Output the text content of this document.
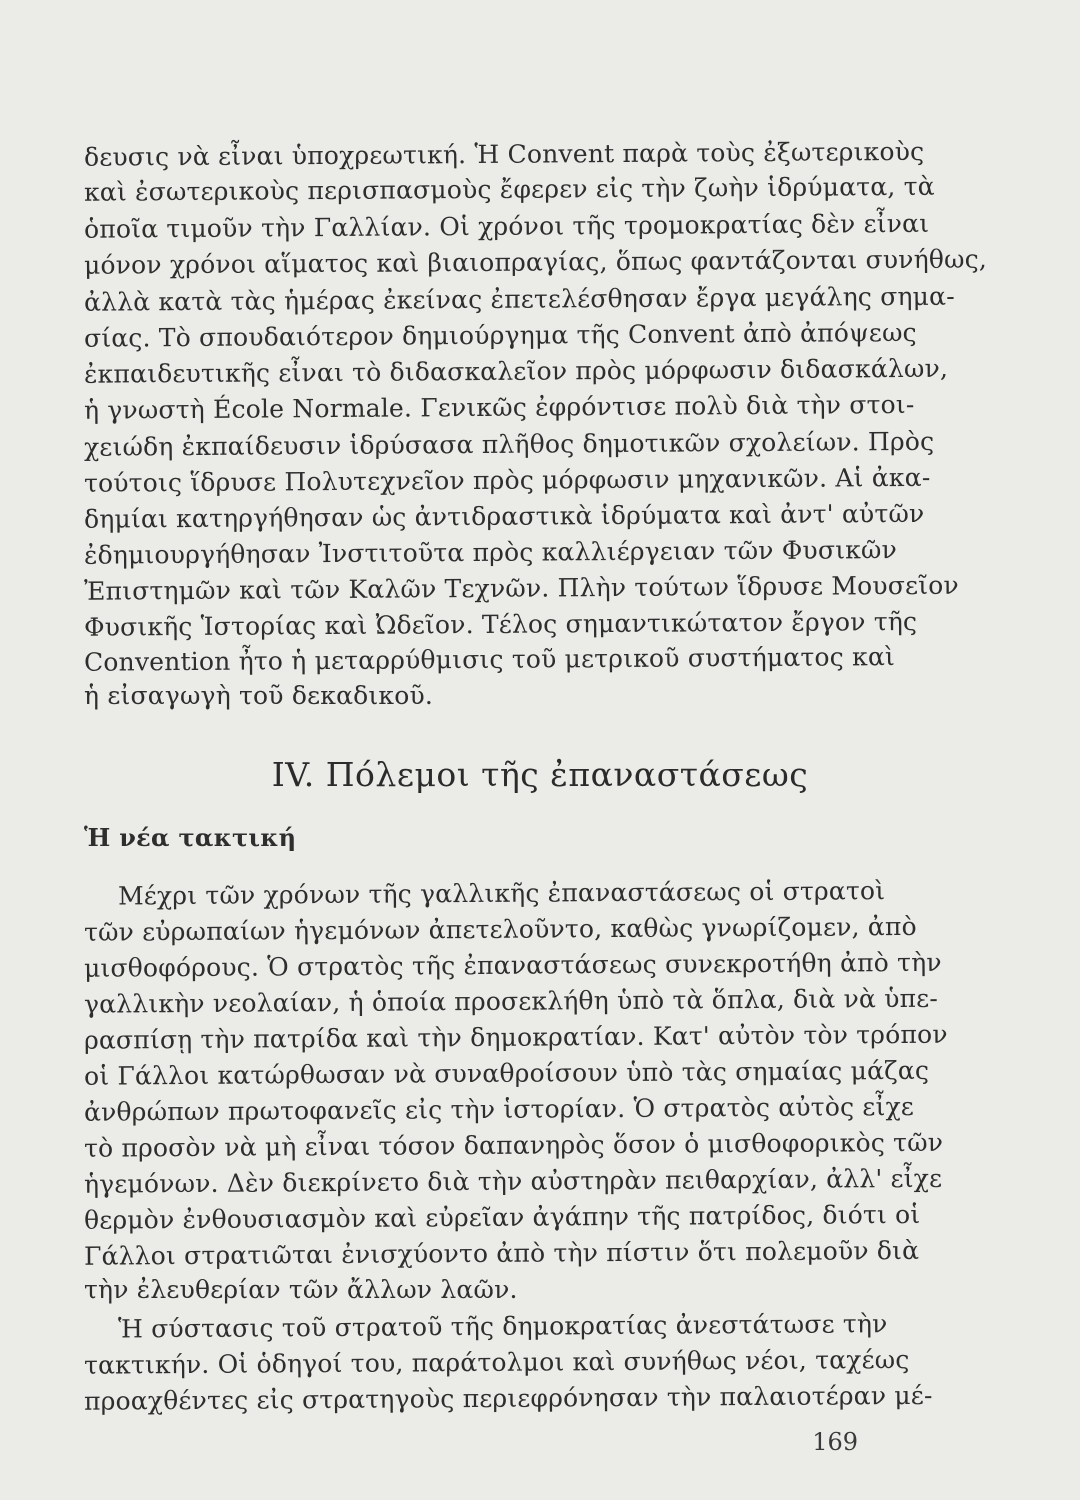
δευσις νὰ εἶναι ὑποχρεωτική. Ἡ Convent παρὰ τοὺς ἐξωτερικοὺς
καὶ ἐσωτερικοὺς περισπασμοὺς ἔφερεν εἰς τὴν ζωὴν ἱδρύματα, τὰ
ὁποῖα τιμοῦν τὴν Γαλλίαν. Οἱ χρόνοι τῆς τρομοκρατίας δὲν εἶναι
μόνον χρόνοι αἵματος καὶ βιαιοπραγίας, ὅπως φαντάζονται συνήθως,
ἀλλὰ κατὰ τὰς ἡμέρας ἐκείνας ἐπετελέσθησαν ἔργα μεγάλης σημα-
σίας. Τὸ σπουδαιότερον δημιούργημα τῆς Convent ἀπὸ ἀπόψεως
ἐκπαιδευτικῆς εἶναι τὸ διδασκαλεῖον πρὸς μόρφωσιν διδασκάλων,
ἡ γνωστὴ École Normale. Γενικῶς ἐφρόντισε πολὺ διὰ τὴν στοι-
χειώδη ἐκπαίδευσιν ἱδρύσασα πλῆθος δημοτικῶν σχολείων. Πρὸς
τούτοις ἵδρυσε Πολυτεχνεῖον πρὸς μόρφωσιν μηχανικῶν. Αἱ ἀκα-
δημίαι κατηργήθησαν ὡς ἀντιδραστικὰ ἱδρύματα καὶ ἀντ' αὐτῶν
ἐδημιουργήθησαν Ἰνστιτοῦτα πρὸς καλλιέργειαν τῶν Φυσικῶν
Ἐπιστημῶν καὶ τῶν Καλῶν Τεχνῶν. Πλὴν τούτων ἵδρυσε Μουσεῖον
Φυσικῆς Ἱστορίας καὶ Ὠδεῖον. Τέλος σημαντικώτατον ἔργον τῆς
Convention ἦτο ἡ μεταρρύθμισις τοῦ μετρικοῦ συστήματος καὶ
ἡ εἰσαγωγὴ τοῦ δεκαδικοῦ.
IV. Πόλεμοι τῆς ἐπαναστάσεως
Ἡ νέα τακτική
Μέχρι τῶν χρόνων τῆς γαλλικῆς ἐπαναστάσεως οἱ στρατοὶ
τῶν εὐρωπαίων ἡγεμόνων ἀπετελοῦντο, καθὼς γνωρίζομεν, ἀπὸ
μισθοφόρους. Ὁ στρατὸς τῆς ἐπαναστάσεως συνεκροτήθη ἀπὸ τὴν
γαλλικὴν νεολαίαν, ἡ ὁποία προσεκλήθη ὑπὸ τὰ ὅπλα, διὰ νὰ ὑπε-
ρασπίσῃ τὴν πατρίδα καὶ τὴν δημοκρατίαν. Κατ' αὐτὸν τὸν τρόπον
οἱ Γάλλοι κατώρθωσαν νὰ συναθροίσουν ὑπὸ τὰς σημαίας μάζας
ἀνθρώπων πρωτοφανεῖς εἰς τὴν ἱστορίαν. Ὁ στρατὸς αὐτὸς εἶχε
τὸ προσὸν νὰ μὴ εἶναι τόσον δαπανηρὸς ὅσον ὁ μισθοφορικὸς τῶν
ἡγεμόνων. Δὲν διεκρίνετο διὰ τὴν αὐστηρὰν πειθαρχίαν, ἀλλ' εἶχε
θερμὸν ἐνθουσιασμὸν καὶ εὐρεῖαν ἀγάπην τῆς πατρίδος, διότι οἱ
Γάλλοι στρατιῶται ἐνισχύοντο ἀπὸ τὴν πίστιν ὅτι πολεμοῦν διὰ
τὴν ἐλευθερίαν τῶν ἄλλων λαῶν.
Ἡ σύστασις τοῦ στρατοῦ τῆς δημοκρατίας ἀνεστάτωσε τὴν
τακτικήν. Οἱ ὁδηγοί του, παράτολμοι καὶ συνήθως νέοι, ταχέως
προαχθέντες εἰς στρατηγοὺς περιεφρόνησαν τὴν παλαιοτέραν μέ-
169
